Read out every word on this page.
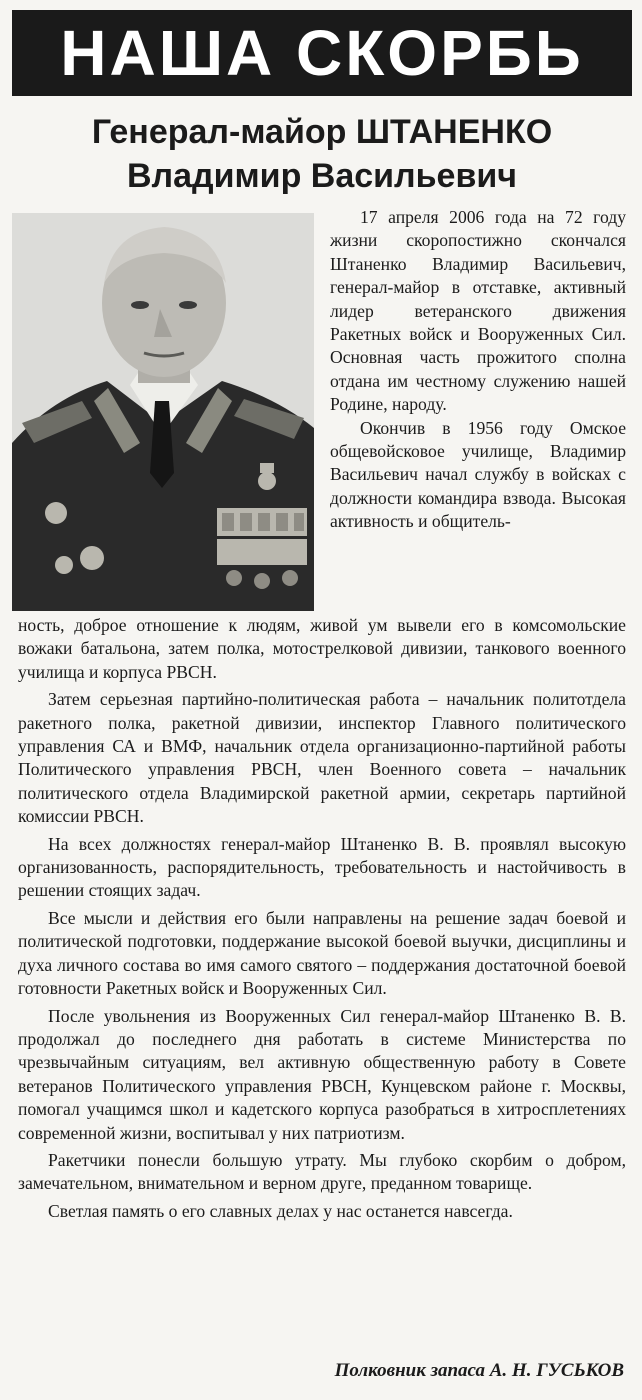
НАША СКОРБЬ
Генерал-майор ШТАНЕНКО
Владимир Васильевич

17 апреля 2006 года на 72 году жизни скоропостижно скончался Штаненко Владимир Васильевич, генерал-майор в отставке, активный лидер ветеранского движения Ракетных войск и Вооруженных Сил. Основная часть прожитого сполна отдана им честному служению нашей Родине, народу.

Окончив в 1956 году Омское общевойсковое училище, Владимир Васильевич начал службу в войсках с должности командира взвода. Высокая активность и общитель-

ность, доброе отношение к людям, живой ум вывели его в комсомольские вожаки батальона, затем полка, мотострелковой дивизии, танкового военного училища и корпуса РВСН.

Затем серьезная партийно-политическая работа – начальник политотдела ракетного полка, ракетной дивизии, инспектор Главного политического управления СА и ВМФ, начальник отдела организационно-партийной работы Политического управления РВСН, член Военного совета – начальник политического отдела Владимирской ракетной армии, секретарь партийной комиссии РВСН.

На всех должностях генерал-майор Штаненко В. В. проявлял высокую организованность, распорядительность, требовательность и настойчивость в решении стоящих задач.

Все мысли и действия его были направлены на решение задач боевой и политической подготовки, поддержание высокой боевой выучки, дисциплины и духа личного состава во имя самого святого – поддержания достаточной боевой готовности Ракетных войск и Вооруженных Сил.

После увольнения из Вооруженных Сил генерал-майор Штаненко В. В. продолжал до последнего дня работать в системе Министерства по чрезвычайным ситуациям, вел активную общественную работу в Совете ветеранов Политического управления РВСН, Кунцевском районе г. Москвы, помогал учащимся школ и кадетского корпуса разобраться в хитросплетениях современной жизни, воспитывал у них патриотизм.

Ракетчики понесли большую утрату. Мы глубоко скорбим о добром, замечательном, внимательном и верном друге, преданном товарище.

Светлая память о его славных делах у нас останется навсегда.

Полковник запаса А. Н. ГУСЬКОВ
